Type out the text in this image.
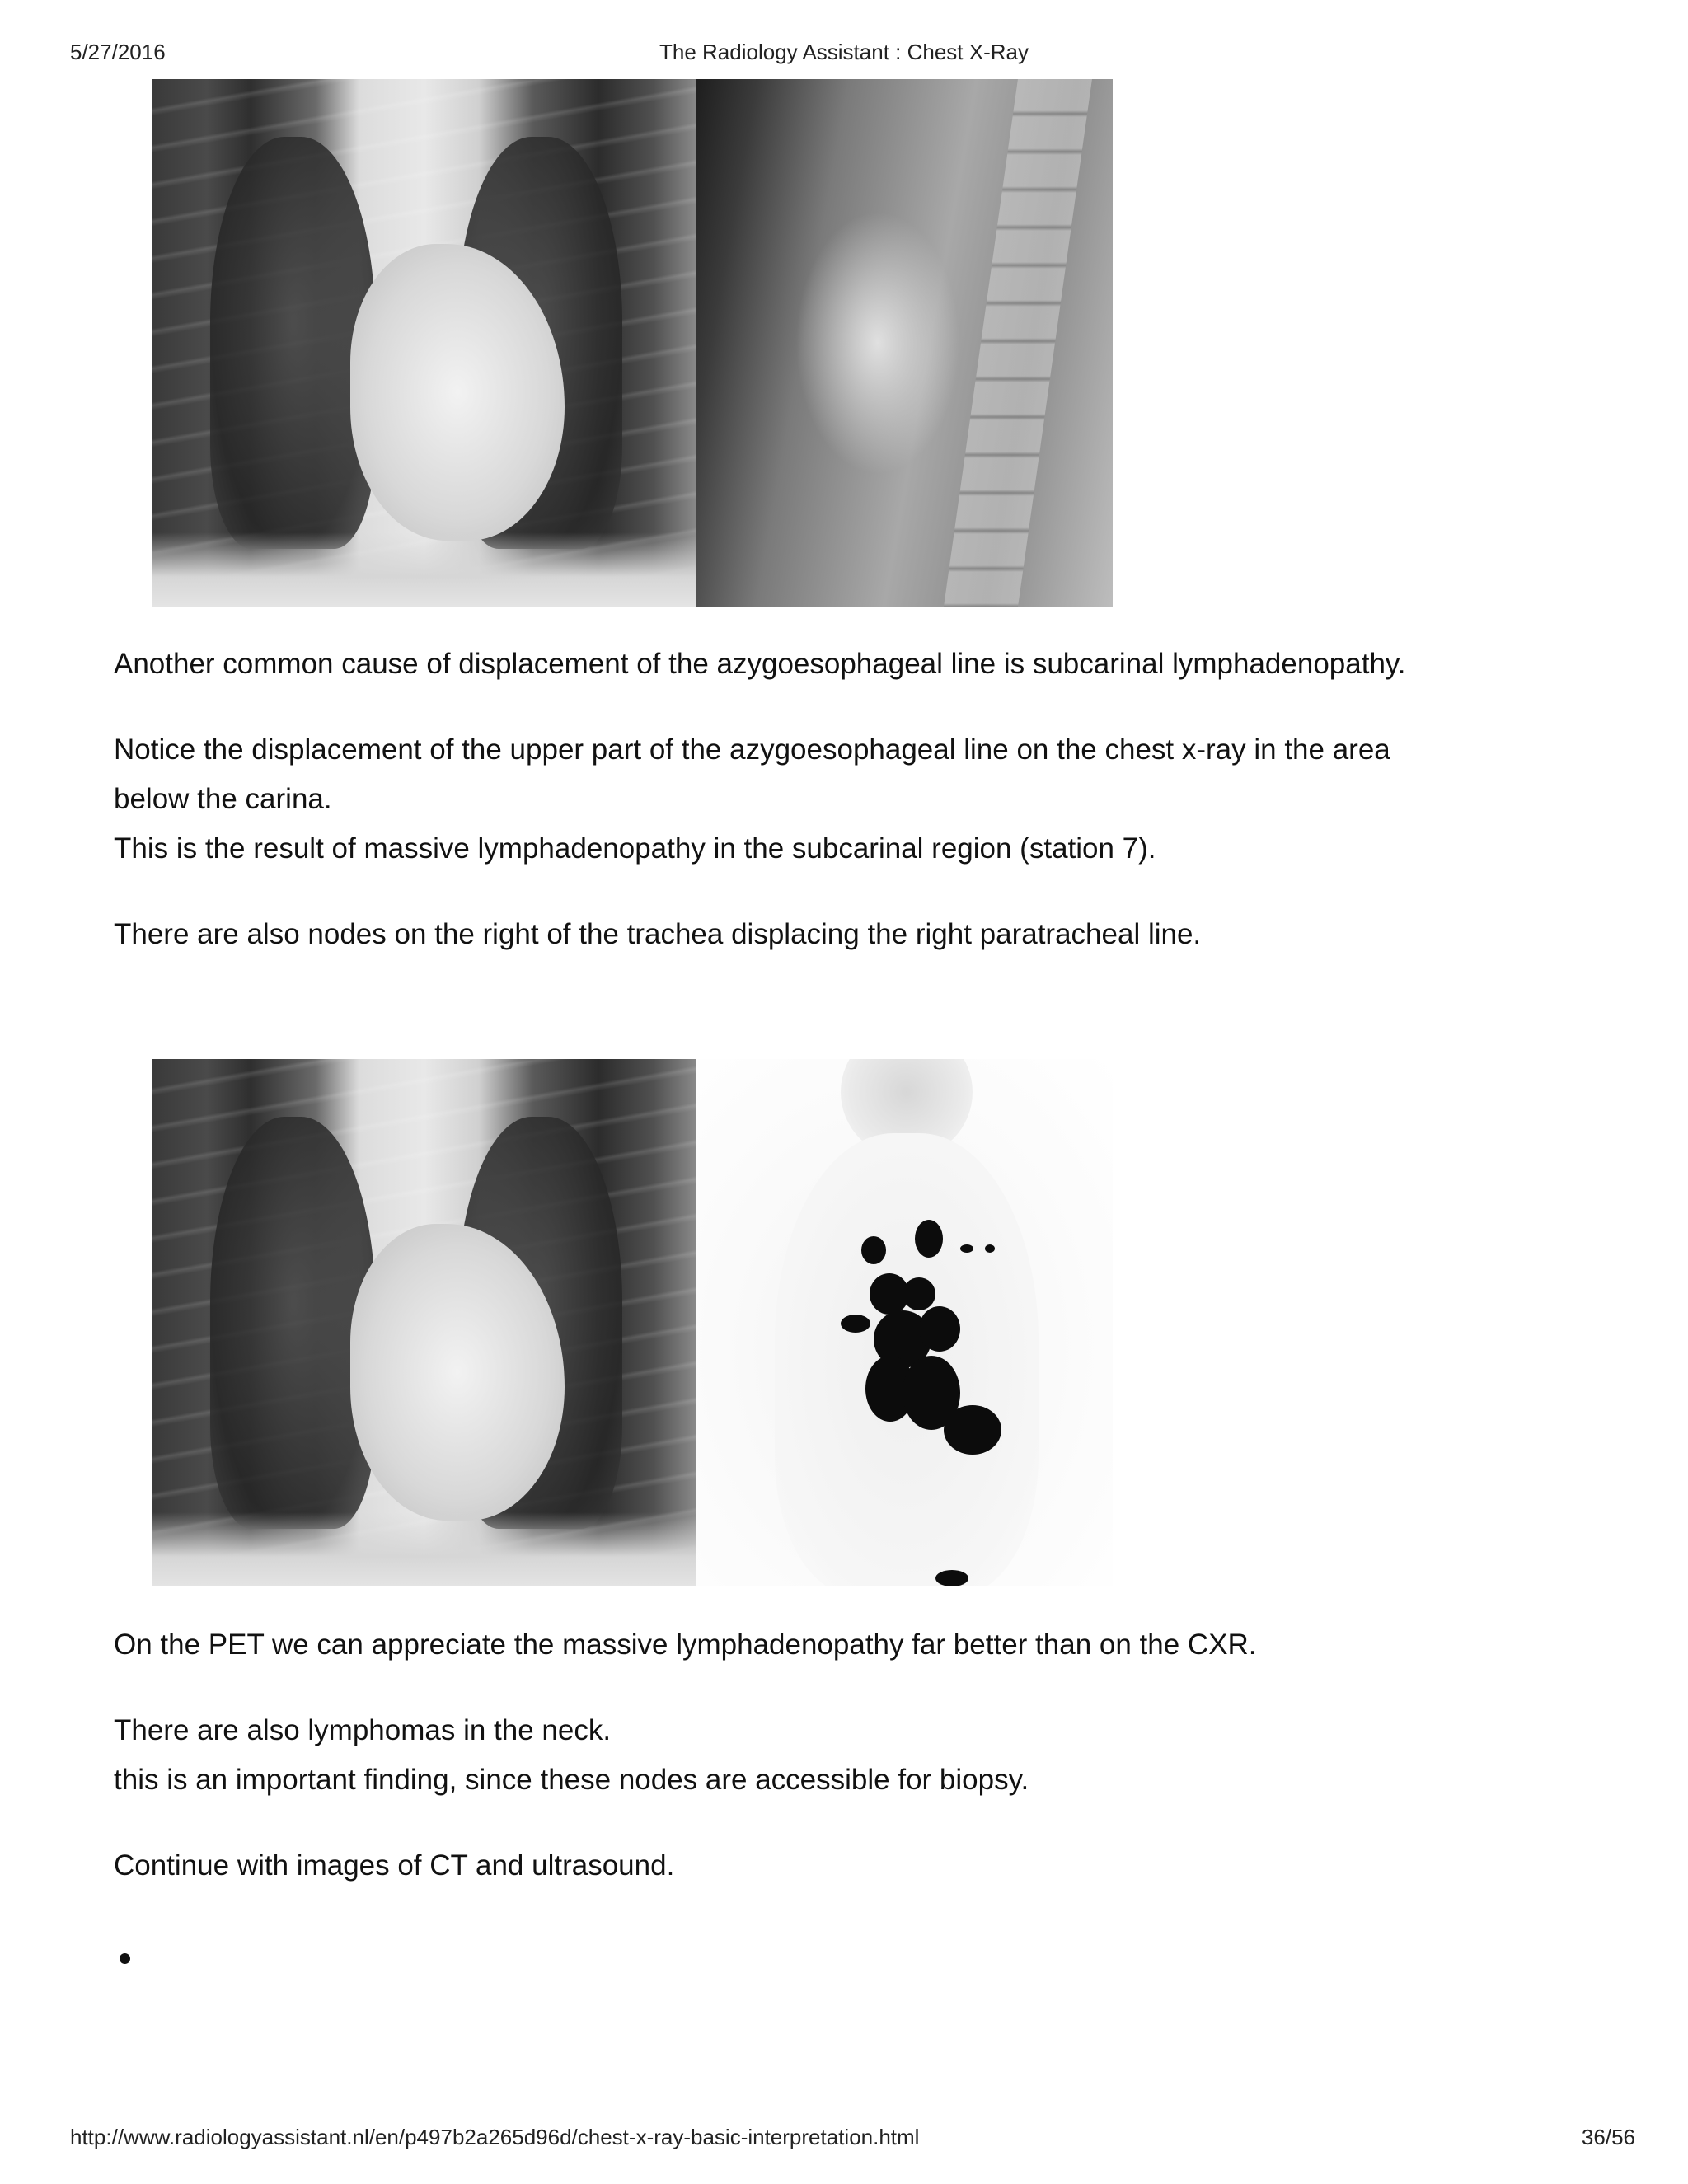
5/27/2016	The Radiology Assistant : Chest X-Ray

Another common cause of displacement of the azygoesophageal line is subcarinal lymphadenopathy.

Notice the displacement of the upper part of the azygoesophageal line on the chest x-ray in the area

below the carina.

This is the result of massive lymphadenopathy in the subcarinal region (station 7).

There are also nodes on the right of the trachea displacing the right paratracheal line.

On the PET we can appreciate the massive lymphadenopathy far better than on the CXR.

There are also lymphomas in the neck.

this is an important finding, since these nodes are accessible for biopsy.

Continue with images of CT and ultrasound.

http://www.radiologyassistant.nl/en/p497b2a265d96d/chest-x-ray-basic-interpretation.html	36/56
